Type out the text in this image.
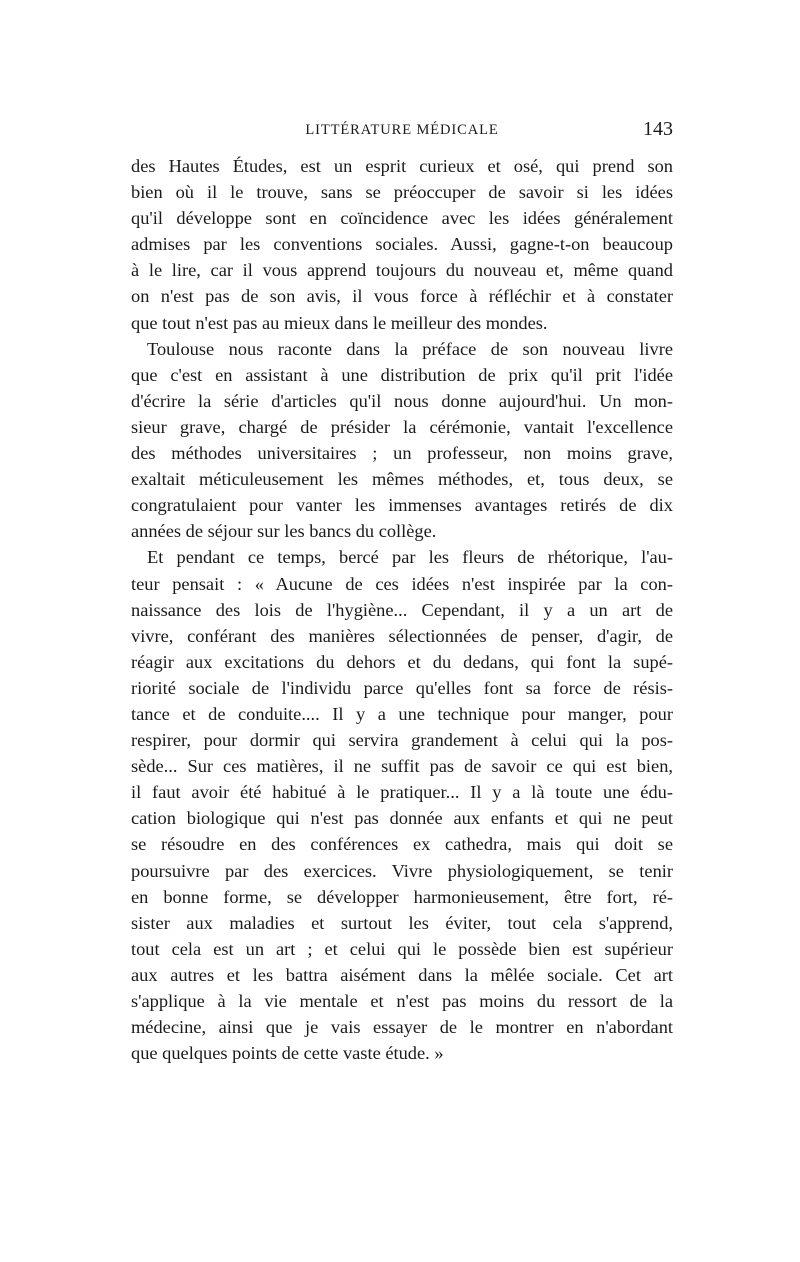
LITTÉRATURE MÉDICALE	143
des Hautes Études, est un esprit curieux et osé, qui prend son
bien où il le trouve, sans se préoccuper de savoir si les idées
qu'il développe sont en coïncidence avec les idées généralement
admises par les conventions sociales. Aussi, gagne-t-on beaucoup
à le lire, car il vous apprend toujours du nouveau et, même quand
on n'est pas de son avis, il vous force à réfléchir et à constater
que tout n'est pas au mieux dans le meilleur des mondes.
Toulouse nous raconte dans la préface de son nouveau livre
que c'est en assistant à une distribution de prix qu'il prit l'idée
d'écrire la série d'articles qu'il nous donne aujourd'hui. Un mon-
sieur grave, chargé de présider la cérémonie, vantait l'excellence
des méthodes universitaires ; un professeur, non moins grave,
exaltait méticuleusement les mêmes méthodes, et, tous deux, se
congratulaient pour vanter les immenses avantages retirés de dix
années de séjour sur les bancs du collège.
Et pendant ce temps, bercé par les fleurs de rhétorique, l'au-
teur pensait : « Aucune de ces idées n'est inspirée par la con-
naissance des lois de l'hygiène... Cependant, il y a un art de
vivre, conférant des manières sélectionnées de penser, d'agir, de
réagir aux excitations du dehors et du dedans, qui font la supé-
riorité sociale de l'individu parce qu'elles font sa force de résis-
tance et de conduite.... Il y a une technique pour manger, pour
respirer, pour dormir qui servira grandement à celui qui la pos-
sède... Sur ces matières, il ne suffit pas de savoir ce qui est bien,
il faut avoir été habitué à le pratiquer... Il y a là toute une édu-
cation biologique qui n'est pas donnée aux enfants et qui ne peut
se résoudre en des conférences ex cathedra, mais qui doit se
poursuivre par des exercices. Vivre physiologiquement, se tenir
en bonne forme, se développer harmonieusement, être fort, ré-
sister aux maladies et surtout les éviter, tout cela s'apprend,
tout cela est un art ; et celui qui le possède bien est supérieur
aux autres et les battra aisément dans la mêlée sociale. Cet art
s'applique à la vie mentale et n'est pas moins du ressort de la
médecine, ainsi que je vais essayer de le montrer en n'abordant
que quelques points de cette vaste étude. »
